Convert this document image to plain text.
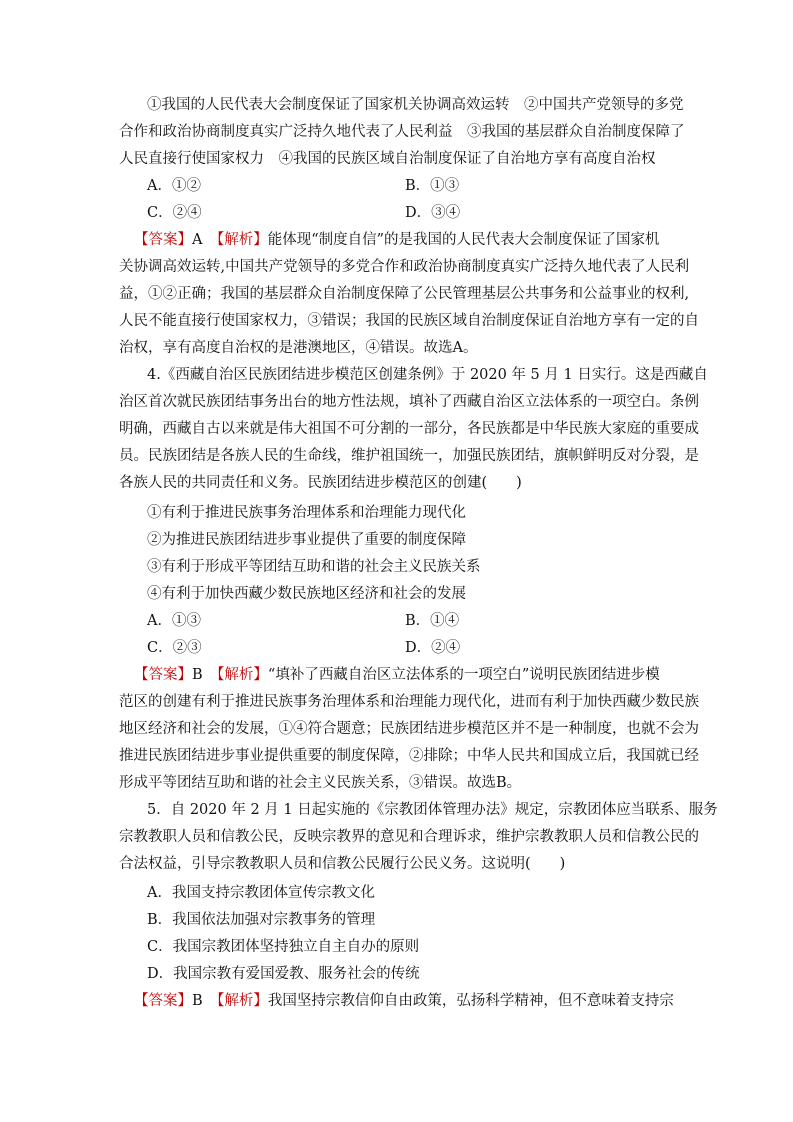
①我国的人民代表大会制度保证了国家机关协调高效运转　②中国共产党领导的多党
合作和政治协商制度真实广泛持久地代表了人民利益　③我国的基层群众自治制度保障了
人民直接行使国家权力　④我国的民族区域自治制度保证了自治地方享有高度自治权
A．①②	B．①③
C．②④	D．③④
【答案】A　 【解析】能体现“制度自信”的是我国的人民代表大会制度保证了国家机
关协调高效运转,中国共产党领导的多党合作和政治协商制度真实广泛持久地代表了人民利
益，①②正确；我国的基层群众自治制度保障了公民管理基层公共事务和公益事业的权利,
人民不能直接行使国家权力，③错误；我国的民族区域自治制度保证自治地方享有一定的自
治权，享有高度自治权的是港澳地区，④错误。故选A。
4.《西藏自治区民族团结进步模范区创建条例》于 2020 年 5 月 1 日实行。这是西藏自
治区首次就民族团结事务出台的地方性法规，填补了西藏自治区立法体系的一项空白。条例
明确，西藏自古以来就是伟大祖国不可分割的一部分，各民族都是中华民族大家庭的重要成
员。民族团结是各族人民的生命线，维护祖国统一，加强民族团结，旗帜鲜明反对分裂，是
各族人民的共同责任和义务。民族团结进步模范区的创建(　　)
①有利于推进民族事务治理体系和治理能力现代化
②为推进民族团结进步事业提供了重要的制度保障
③有利于形成平等团结互助和谐的社会主义民族关系
④有利于加快西藏少数民族地区经济和社会的发展
A．①③	B．①④
C．②③	D．②④
【答案】B　 【解析】“填补了西藏自治区立法体系的一项空白”说明民族团结进步模
范区的创建有利于推进民族事务治理体系和治理能力现代化，进而有利于加快西藏少数民族
地区经济和社会的发展，①④符合题意；民族团结进步模范区并不是一种制度，也就不会为
推进民族团结进步事业提供重要的制度保障，②排除；中华人民共和国成立后，我国就已经
形成平等团结互助和谐的社会主义民族关系，③错误。故选B。
5．自 2020 年 2 月 1 日起实施的《宗教团体管理办法》规定，宗教团体应当联系、服务
宗教教职人员和信教公民，反映宗教界的意见和合理诉求，维护宗教教职人员和信教公民的
合法权益，引导宗教教职人员和信教公民履行公民义务。这说明(　　)
A．我国支持宗教团体宣传宗教文化
B．我国依法加强对宗教事务的管理
C．我国宗教团体坚持独立自主自办的原则
D．我国宗教有爱国爱教、服务社会的传统
【答案】B　 【解析】我国坚持宗教信仰自由政策，弘扬科学精神，但不意味着支持宗
